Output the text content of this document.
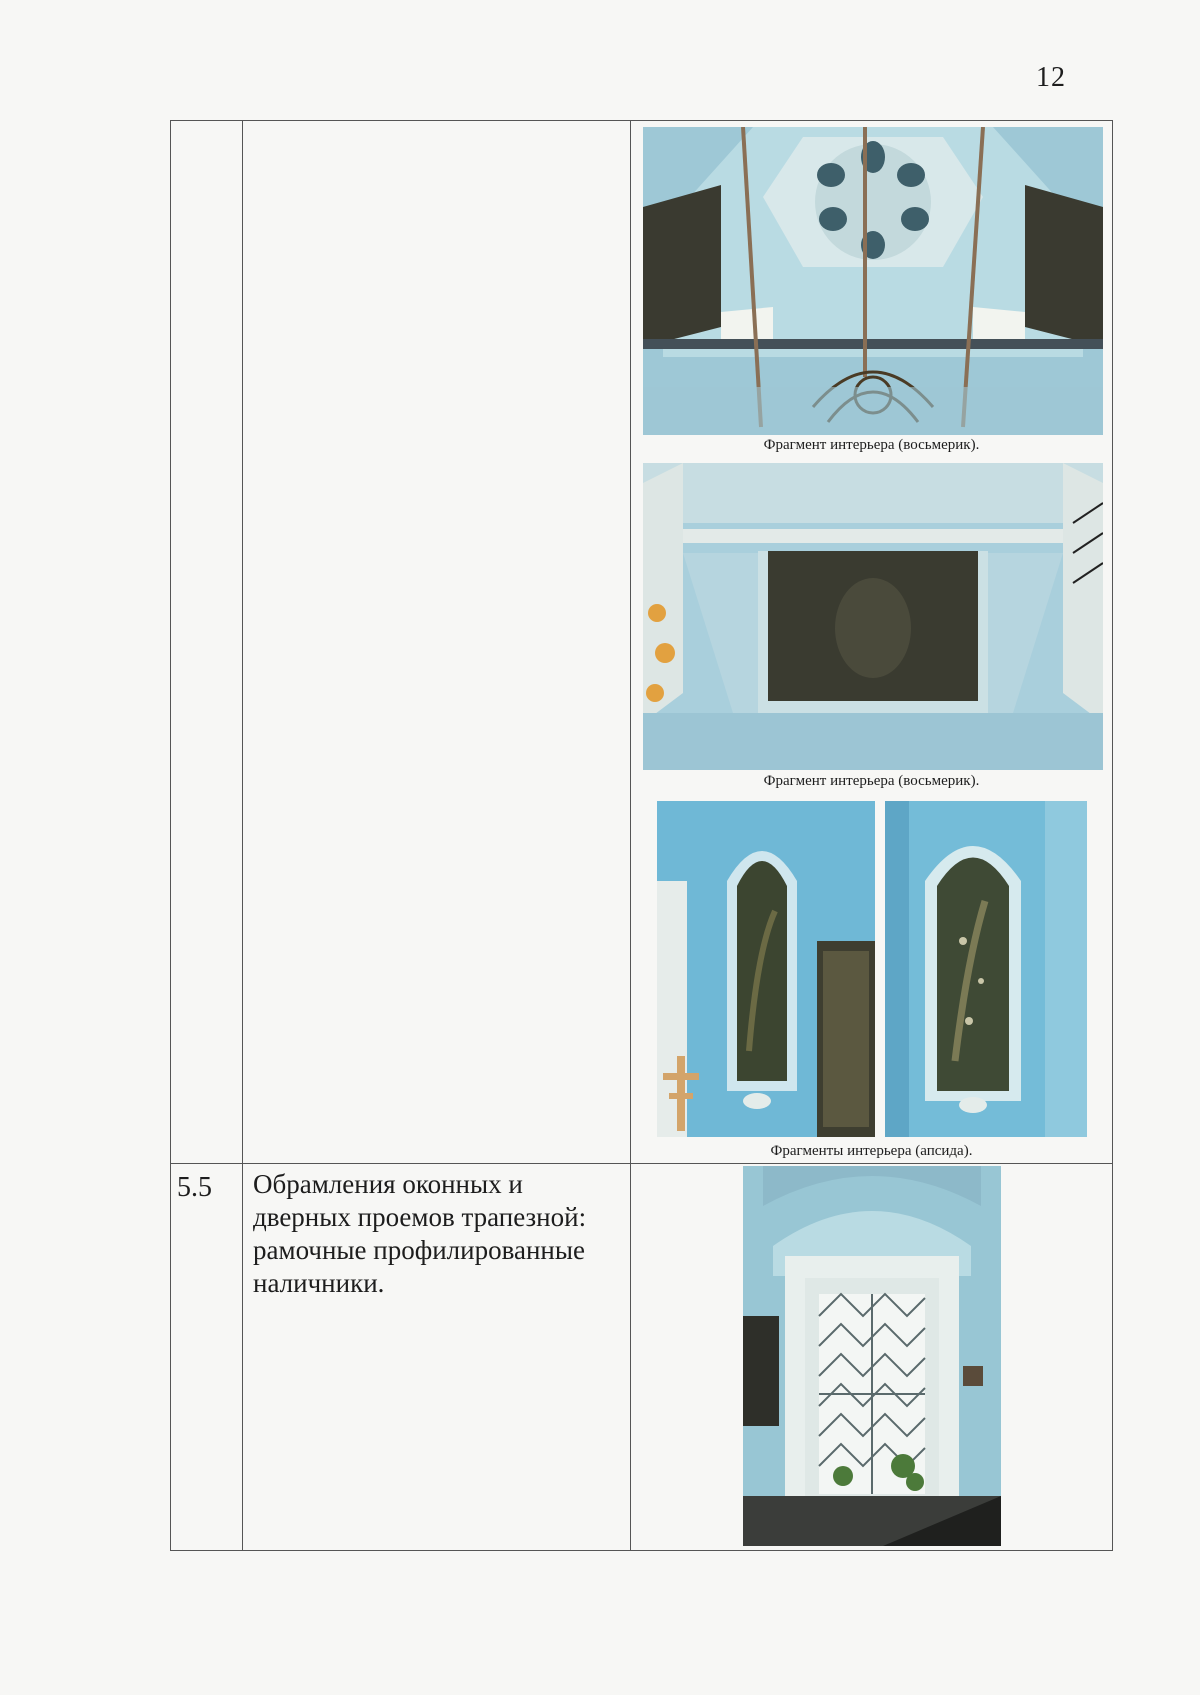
12

		Фрагмент интерьера (восьмерик).
Фрагмент интерьера (восьмерик).
Фрагменты интерьера (апсида).

5.5	Обрамления оконных и дверных проемов трапезной: рамочные профилированные наличники.	
